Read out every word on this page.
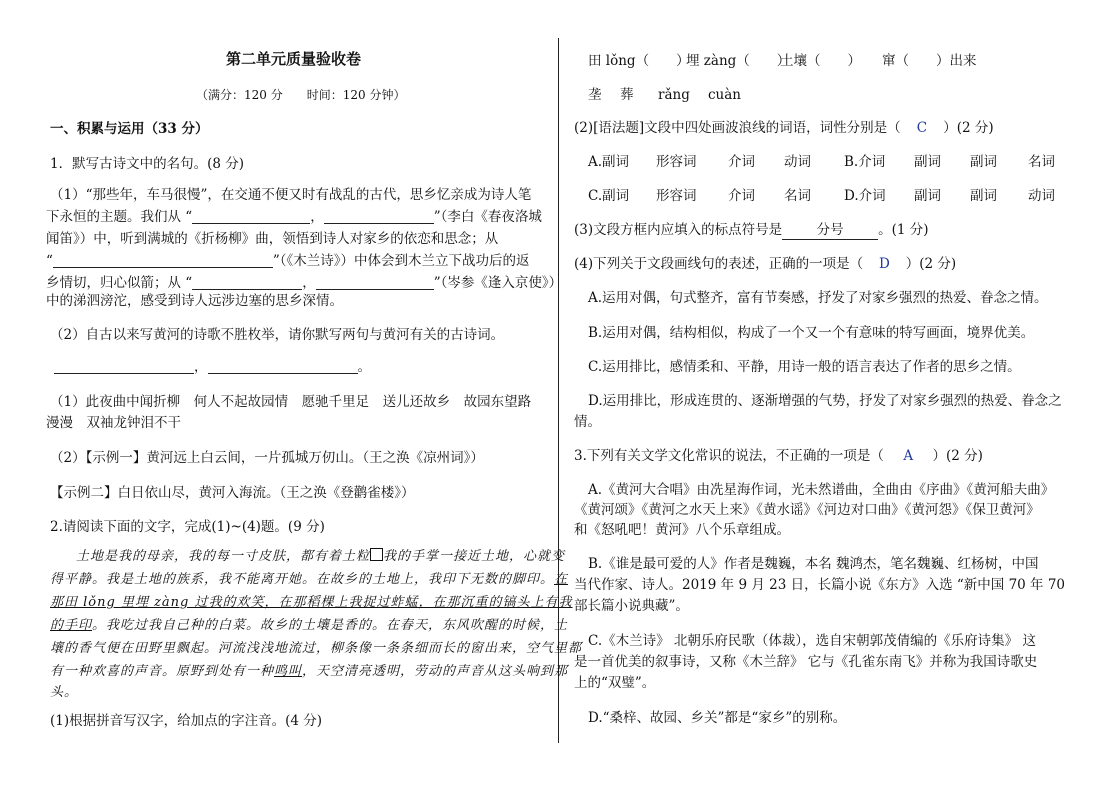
第二单元质量验收卷
（满分：120 分　　时间：120 分钟）
一、积累与运用（33 分）
1．默写古诗文中的名句。(8 分)
（1）“那些年，车马很慢”，在交通不便又时有战乱的古代，思乡忆亲成为诗人笔
下永恒的主题。我们从 “	，	”（李白《春夜洛城
闻笛》）中，听到满城的《折杨柳》曲，领悟到诗人对家乡的依恋和思念；从
“	”（《木兰诗》）中体会到木兰立下战功后的返
乡情切，归心似箭；从 “	，	”（岑参《逢入京使》）
中的涕泗滂沱，感受到诗人远涉边塞的思乡深情。
（2）自古以来写黄河的诗歌不胜枚举，请你默写两句与黄河有关的古诗词。
，	。
（1）此夜曲中闻折柳　何人不起故园情　愿驰千里足　送儿还故乡　故园东望路
漫漫　双袖龙钟泪不干
（2）【示例一】黄河远上白云间，一片孤城万仞山。（王之涣《凉州词》）
【示例二】白日依山尽，黄河入海流。（王之涣《登鹳雀楼》）
2.请阅读下面的文字，完成(1)~(4)题。(9 分)
土地是我的母亲，我的每一寸皮肤，都有着土粒 我的手掌一接近土地，心就变
得平静。我是土地的族系，我不能离开她。在故乡的土地上，我印下无数的脚印。在
那田 lǒng 里埋 zàng 过我的欢笑，在那稻棵上我捉过蚱蜢，在那沉重的镐头上有我
的手印。我吃过我自己种的白菜。故乡的土壤是香的。在春天，东风吹醒的时候，土
壤的香气便在田野里飘起。河流浅浅地流过，柳条像一条条细而长的窗出来，空气里都
有一种欢喜的声音。原野到处有一种鸣叫，天空清亮透明，劳动的声音从这头响到那
头。
(1)根据拼音写汉字，给加点的字注音。(4 分)
田 lǒng（　　）
埋 zàng（　　）
土壤（　　） 窜（　　）出来
垄 葬 rǎng cuàn
(2)[语法题]文段中四处画波浪线的词语，词性分别是（ C ）(2 分)
A.副词 形容词 介词 动词 B.介词 副词 副词 名词
C.副词 形容词 介词 名词 D.介词 副词 副词 动词
(3)文段方框内应填入的标点符号是	分号	。(1 分)
(4)下列关于文段画线句的表述，正确的一项是（ D ）(2 分)
A.运用对偶，句式整齐，富有节奏感，抒发了对家乡强烈的热爱、眷念之情。
B.运用对偶，结构相似，构成了一个又一个有意味的特写画面，境界优美。
C.运用排比，感情柔和、平静，用诗一般的语言表达了作者的思乡之情。
D.运用排比，形成连贯的、逐渐增强的气势，抒发了对家乡强烈的热爱、眷念之
情。
3.下列有关文学文化常识的说法，不正确的一项是（ A ）(2 分)
A.《黄河大合唱》由冼星海作词，光未然谱曲，全曲由《序曲》《黄河船夫曲》
《黄河颂》《黄河之水天上来》《黄水谣》《河边对口曲》《黄河怨》《保卫黄河》
和《怒吼吧！黄河》八个乐章组成。
B.《谁是最可爱的人》作者是魏巍，本名 魏鸿杰，笔名魏巍、红杨树，中国
当代作家、诗人。2019 年 9 月 23 日，长篇小说《东方》入选 “新中国 70 年 70
部长篇小说典藏”。
C.《木兰诗》 北朝乐府民歌（体裁），选自宋朝郭茂倩编的《乐府诗集》 这
是一首优美的叙事诗，又称《木兰辞》 它与《孔雀东南飞》并称为我国诗歌史
上的“双璧”。
D.“桑梓、故园、乡关”都是“家乡”的别称。
